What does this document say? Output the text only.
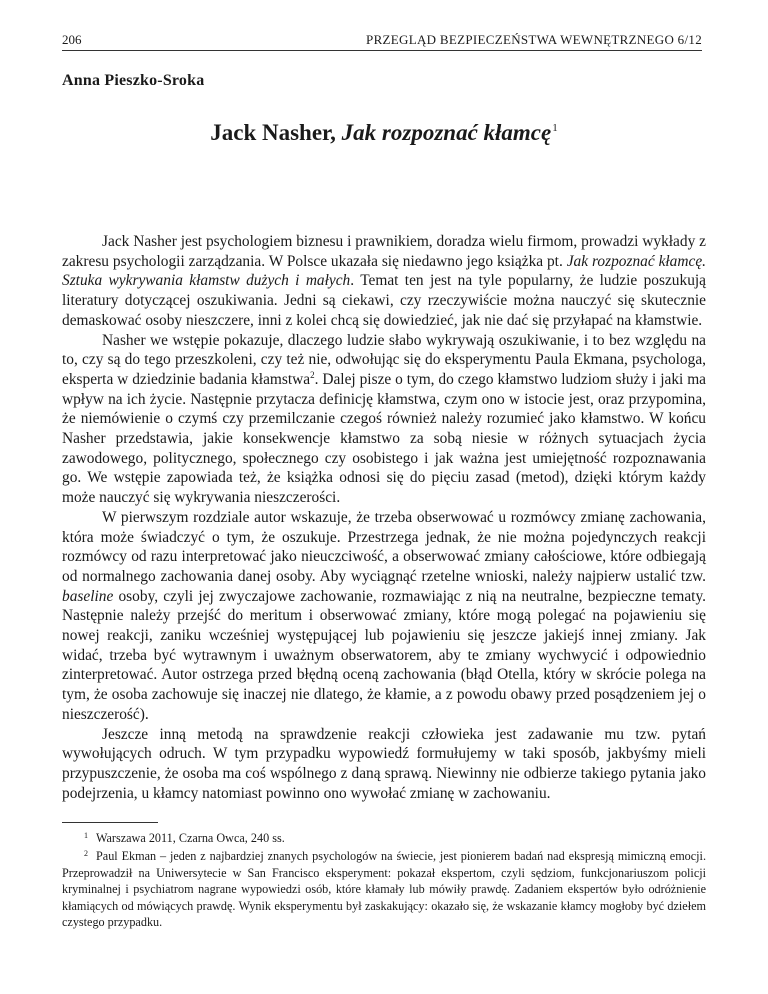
206	PRZEGLĄD BEZPIECZEŃSTWA WEWNĘTRZNEGO 6/12
Anna Pieszko-Sroka
Jack Nasher, Jak rozpoznać kłamcę$^1$

Jack Nasher jest psychologiem biznesu i prawnikiem, doradza wielu firmom, prowadzi wykłady z zakresu psychologii zarządzania. W Polsce ukazała się niedawno jego książka pt. Jak rozpoznać kłamcę. Sztuka wykrywania kłamstw dużych i małych. Temat ten jest na tyle popularny, że ludzie poszukują literatury dotyczącej oszukiwania. Jedni są ciekawi, czy rzeczywiście można nauczyć się skutecznie demaskować osoby nieszczere, inni z kolei chcą się dowiedzieć, jak nie dać się przyłapać na kłamstwie.

Nasher we wstępie pokazuje, dlaczego ludzie słabo wykrywają oszukiwanie, i to bez względu na to, czy są do tego przeszkoleni, czy też nie, odwołując się do eksperymentu Paula Ekmana, psychologa, eksperta w dziedzinie badania kłamstwa$^2$. Dalej pisze o tym, do czego kłamstwo ludziom służy i jaki ma wpływ na ich życie. Następnie przytacza definicję kłamstwa, czym ono w istocie jest, oraz przypomina, że niemówienie o czymś czy przemilczanie czegoś również należy rozumieć jako kłamstwo. W końcu Nasher przedstawia, jakie konsekwencje kłamstwo za sobą niesie w różnych sytuacjach życia zawodowego, politycznego, społecznego czy osobistego i jak ważna jest umiejętność rozpoznawania go. We wstępie zapowiada też, że książka odnosi się do pięciu zasad (metod), dzięki którym każdy może nauczyć się wykrywania nieszczerości.

W pierwszym rozdziale autor wskazuje, że trzeba obserwować u rozmówcy zmianę zachowania, która może świadczyć o tym, że oszukuje. Przestrzega jednak, że nie można pojedynczych reakcji rozmówcy od razu interpretować jako nieuczciwość, a obserwować zmiany całościowe, które odbiegają od normalnego zachowania danej osoby. Aby wyciągnąć rzetelne wnioski, należy najpierw ustalić tzw. baseline osoby, czyli jej zwyczajowe zachowanie, rozmawiając z nią na neutralne, bezpieczne tematy. Następnie należy przejść do meritum i obserwować zmiany, które mogą polegać na pojawieniu się nowej reakcji, zaniku wcześniej występującej lub pojawieniu się jeszcze jakiejś innej zmiany. Jak widać, trzeba być wytrawnym i uważnym obserwatorem, aby te zmiany wychwycić i odpowiednio zinterpretować. Autor ostrzega przed błędną oceną zachowania (błąd Otella, który w skrócie polega na tym, że osoba zachowuje się inaczej nie dlatego, że kłamie, a z powodu obawy przed posądzeniem jej o nieszczerość).

Jeszcze inną metodą na sprawdzenie reakcji człowieka jest zadawanie mu tzw. pytań wywołujących odruch. W tym przypadku wypowiedź formułujemy w taki sposób, jakbyśmy mieli przypuszczenie, że osoba ma coś wspólnego z daną sprawą. Niewinny nie odbierze takiego pytania jako podejrzenia, u kłamcy natomiast powinno ono wywołać zmianę w zachowaniu.

$^1$ Warszawa 2011, Czarna Owca, 240 ss.

$^2$ Paul Ekman – jeden z najbardziej znanych psychologów na świecie, jest pionierem badań nad ekspresją mimiczną emocji. Przeprowadził na Uniwersytecie w San Francisco eksperyment: pokazał ekspertom, czyli sędziom, funkcjonariuszom policji kryminalnej i psychiatrom nagrane wypowiedzi osób, które kłamały lub mówiły prawdę. Zadaniem ekspertów było odróżnienie kłamiących od mówiących prawdę. Wynik eksperymentu był zaskakujący: okazało się, że wskazanie kłamcy mogłoby być dziełem czystego przypadku.
